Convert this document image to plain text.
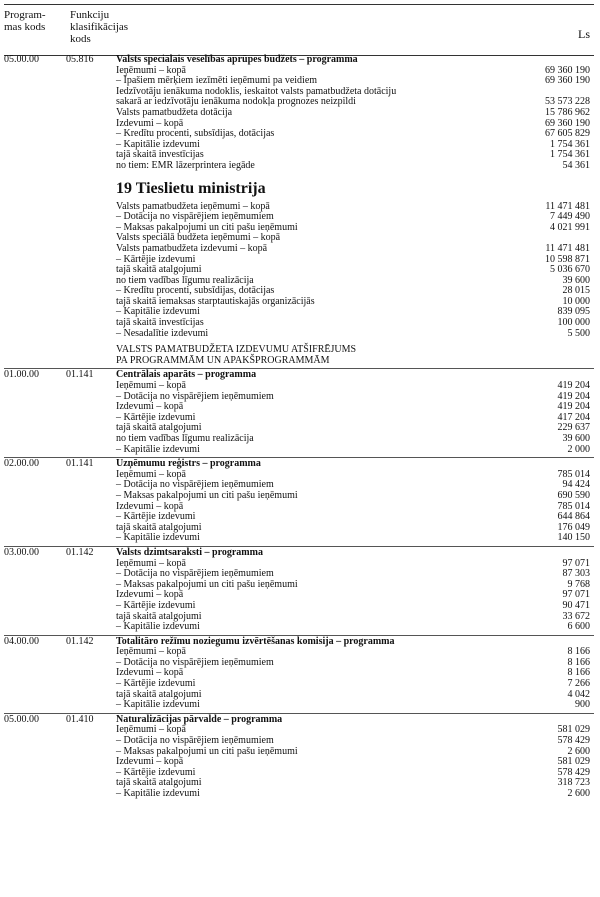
Program-
mas kods
Funkciju
klasifikācijas
kods	Ls
05.00.00	05.816 Valsts speciālais veselības aprūpes budžets – programma
Ieņēmumi – kopā	69 360 190
– Īpašiem mērķiem iezīmēti ieņēmumi pa veidiem	69 360 190
Iedzīvotāju ienākuma nodoklis, ieskaitot valsts pamatbudžeta dotāciju
sakarā ar iedzīvotāju ienākuma nodokļa prognozes neizpildi	53 573 228
Valsts pamatbudžeta dotācija	15 786 962
Izdevumi – kopā	69 360 190
– Kredītu procenti, subsīdijas, dotācijas	67 605 829
– Kapitālie izdevumi	1 754 361
tajā skaitā investīcijas	1 754 361
no tiem: EMR lāzerprintera iegāde	54 361
19 Tieslietu ministrija
Valsts pamatbudžeta ieņēmumi – kopā	11 471 481
– Dotācija no vispārējiem ieņēmumiem	7 449 490
– Maksas pakalpojumi un citi pašu ieņēmumi	4 021 991
Valsts speciālā budžeta ieņēmumi – kopā
Valsts pamatbudžeta izdevumi – kopā	11 471 481
– Kārtējie izdevumi	10 598 871
tajā skaitā atalgojumi	5 036 670
no tiem vadības līgumu realizācija	39 600
– Kredītu procenti, subsīdijas, dotācijas	28 015
tajā skaitā iemaksas starptautiskajās organizācijās	10 000
– Kapitālie izdevumi	839 095
tajā skaitā investīcijas	100 000
– Nesadalītie izdevumi	5 500
VALSTS PAMATBUDŽETA IZDEVUMU ATŠIFRĒJUMS
PA PROGRAMMĀM UN APAKŠPROGRAMMĀM
01.00.00	01.141 Centrālais aparāts – programma
Ieņēmumi – kopā	419 204
– Dotācija no vispārējiem ieņēmumiem	419 204
Izdevumi – kopā	419 204
– Kārtējie izdevumi	417 204
tajā skaitā atalgojumi	229 637
no tiem vadības līgumu realizācija	39 600
– Kapitālie izdevumi	2 000
02.00.00	01.141 Uzņēmumu reģistrs – programma
Ieņēmumi – kopā	785 014
– Dotācija no vispārējiem ieņēmumiem	94 424
– Maksas pakalpojumi un citi pašu ieņēmumi	690 590
Izdevumi – kopā	785 014
– Kārtējie izdevumi	644 864
tajā skaitā atalgojumi	176 049
– Kapitālie izdevumi	140 150
03.00.00	01.142 Valsts dzimtsaraksti – programma
Ieņēmumi – kopā	97 071
– Dotācija no vispārējiem ieņēmumiem	87 303
– Maksas pakalpojumi un citi pašu ieņēmumi	9 768
Izdevumi – kopā	97 071
– Kārtējie izdevumi	90 471
tajā skaitā atalgojumi	33 672
– Kapitālie izdevumi	6 600
04.00.00	01.142 Totalitāro režīmu noziegumu izvērtēšanas komisija – programma
Ieņēmumi – kopā	8 166
– Dotācija no vispārējiem ieņēmumiem	8 166
Izdevumi – kopā	8 166
– Kārtējie izdevumi	7 266
tajā skaitā atalgojumi	4 042
– Kapitālie izdevumi	900
05.00.00	01.410 Naturalizācijas pārvalde – programma
Ieņēmumi – kopā	581 029
– Dotācija no vispārējiem ieņēmumiem	578 429
– Maksas pakalpojumi un citi pašu ieņēmumi	2 600
Izdevumi – kopā	581 029
– Kārtējie izdevumi	578 429
tajā skaitā atalgojumi	318 723
– Kapitālie izdevumi	2 600
